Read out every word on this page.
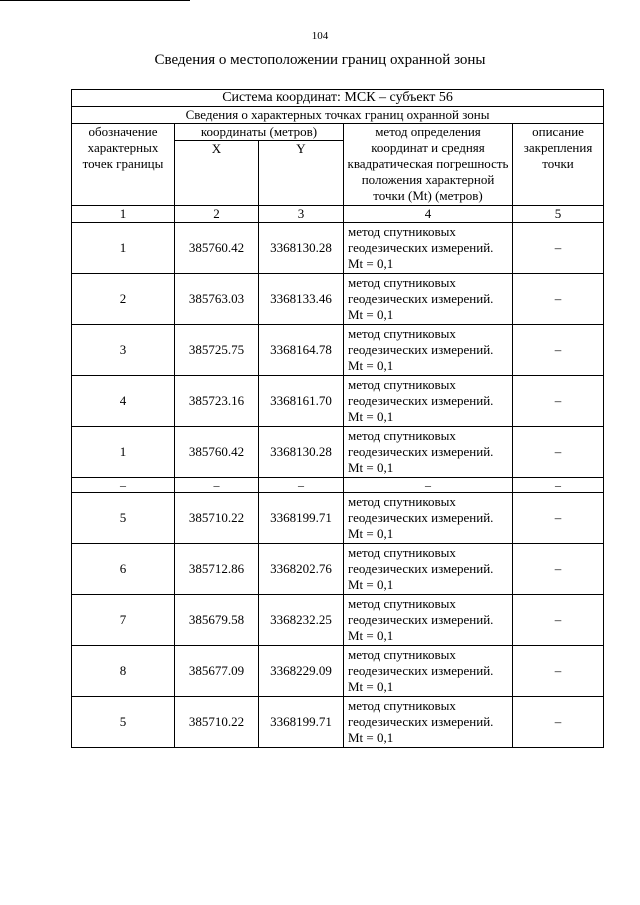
104
Сведения о местоположении границ охранной зоны
Система координат: МСК – субъект 56				
Сведения о характерных точках границ охранной зоны				
обозначение характерных точек границы	координаты (метров)		метод определения координат и средняя квадратическая погрешность положения характерной точки (Mt) (метров)	описание закрепления точки
	X	Y		
1	2	3	4	5
1	385760.42	3368130.28	метод спутниковых геодезических измерений. Mt = 0,1	–
2	385763.03	3368133.46	метод спутниковых геодезических измерений. Mt = 0,1	–
3	385725.75	3368164.78	метод спутниковых геодезических измерений. Mt = 0,1	–
4	385723.16	3368161.70	метод спутниковых геодезических измерений. Mt = 0,1	–
1	385760.42	3368130.28	метод спутниковых геодезических измерений. Mt = 0,1	–
–	–	–	–	–
5	385710.22	3368199.71	метод спутниковых геодезических измерений. Mt = 0,1	–
6	385712.86	3368202.76	метод спутниковых геодезических измерений. Mt = 0,1	–
7	385679.58	3368232.25	метод спутниковых геодезических измерений. Mt = 0,1	–
8	385677.09	3368229.09	метод спутниковых геодезических измерений. Mt = 0,1	–
5	385710.22	3368199.71	метод спутниковых геодезических измерений. Mt = 0,1	–
